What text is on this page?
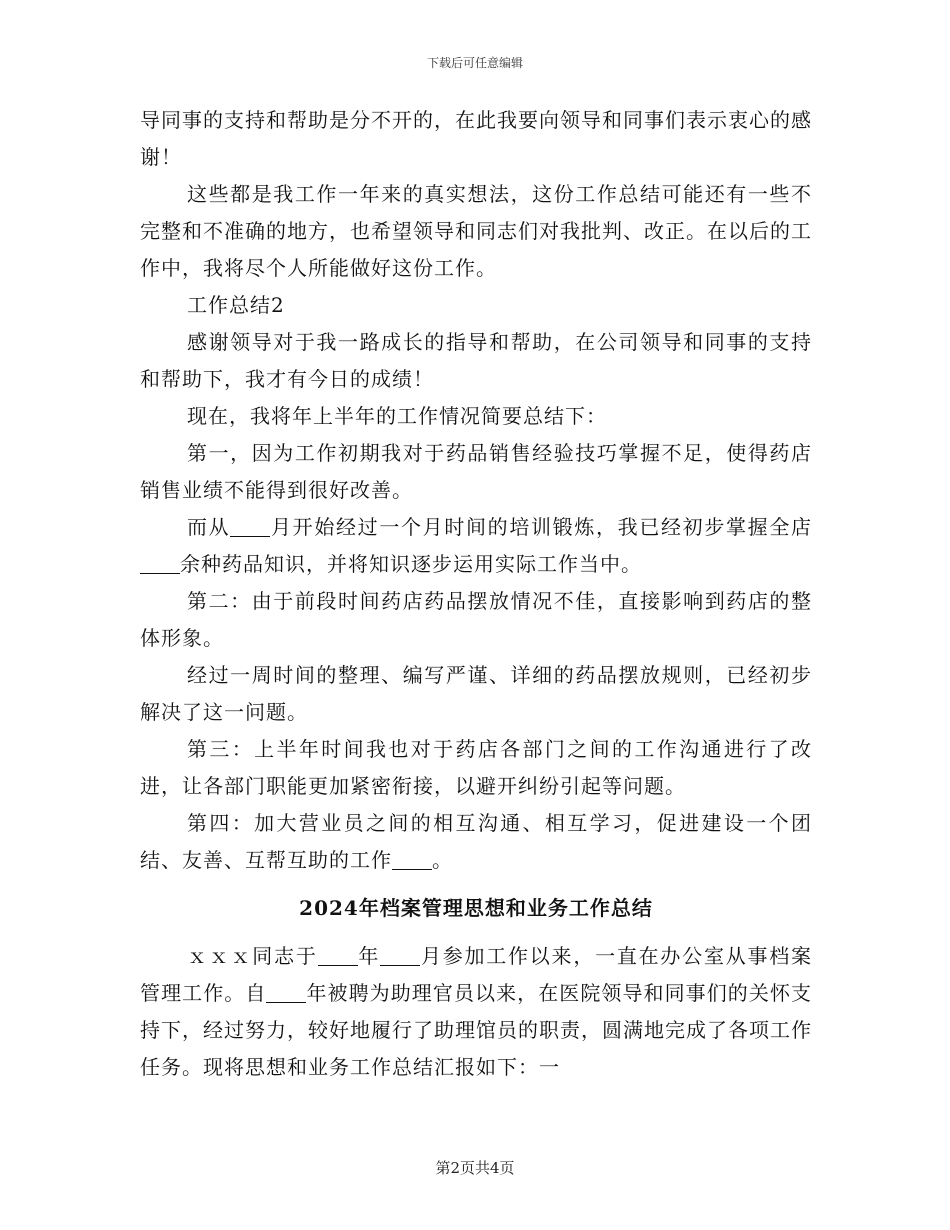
下载后可任意编辑

导同事的支持和帮助是分不开的，在此我要向领导和同事们表示衷心的感谢！

这些都是我工作一年来的真实想法，这份工作总结可能还有一些不完整和不准确的地方，也希望领导和同志们对我批判、改正。在以后的工作中，我将尽个人所能做好这份工作。

工作总结2

感谢领导对于我一路成长的指导和帮助，在公司领导和同事的支持和帮助下，我才有今日的成绩！

现在，我将年上半年的工作情况简要总结下：

第一，因为工作初期我对于药品销售经验技巧掌握不足，使得药店销售业绩不能得到很好改善。

而从 月开始经过一个月时间的培训锻炼，我已经初步掌握全店余种药品知识，并将知识逐步运用实际工作当中。

第二：由于前段时间药店药品摆放情况不佳，直接影响到药店的整体形象。

经过一周时间的整理、编写严谨、详细的药品摆放规则，已经初步解决了这一问题。

第三：上半年时间我也对于药店各部门之间的工作沟通进行了改进，让各部门职能更加紧密衔接，以避开纠纷引起等问题。

第四：加大营业员之间的相互沟通、相互学习，促进建设一个团结、友善、互帮互助的工作 。

2024年档案管理思想和业务工作总结

ｘｘｘ同志于 年 月参加工作以来，一直在办公室从事档案管理工作。自 年被聘为助理官员以来，在医院领导和同事们的关怀支持下，经过努力，较好地履行了助理馆员的职责，圆满地完成了各项工作任务。现将思想和业务工作总结汇报如下：一

第2页共4页
